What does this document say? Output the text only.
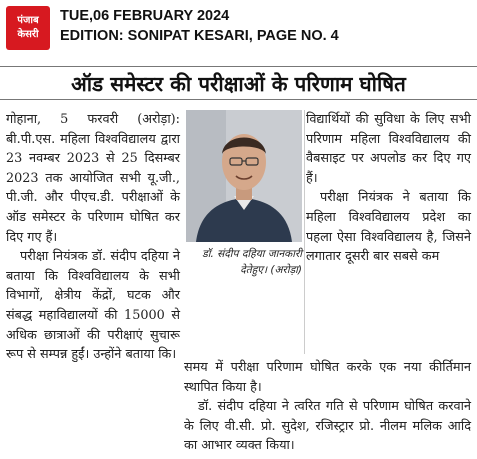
पंजाब
केसरी
TUE,06 FEBRUARY 2024
EDITION: SONIPAT KESARI, PAGE NO. 4
ऑड समेस्टर की परीक्षाओं के परिणाम घोषित

गोहाना, 5 फरवरी (अरोड़ा): बी.पी.एस. महिला विश्वविद्यालय द्वारा 23 नवम्बर 2023 से 25 दिसम्बर 2023 तक आयोजित सभी यू.जी., पी.जी. और पीएच.डी. परीक्षाओं के ऑड समेस्टर के परिणाम घोषित कर दिए गए हैं।

परीक्षा नियंत्रक डॉ. संदीप दहिया ने बताया कि विश्वविद्यालय के सभी विभागों, क्षेत्रीय केंद्रों, घटक और संबद्ध महाविद्यालयों की 15000 से अधिक छात्राओं की परीक्षाएं सुचारू रूप से सम्पन्न हुईं। उन्होंने बताया कि।

डॉ. संदीप दहिया जानकारी देतेहुए। (अरोड़ा)

विद्यार्थियों की सुविधा के लिए सभी परिणाम महिला विश्वविद्यालय की वैबसाइट पर अपलोड कर दिए गए हैं।

परीक्षा नियंत्रक ने बताया कि महिला विश्वविद्यालय प्रदेश का पहला ऐसा विश्वविद्यालय है, जिसने लगातार दूसरी बार सबसे कम

समय में परीक्षा परिणाम घोषित करके एक नया कीर्तिमान स्थापित किया है।

डॉ. संदीप दहिया ने त्वरित गति से परिणाम घोषित करवाने के लिए वी.सी. प्रो. सुदेश, रजिस्ट्रार प्रो. नीलम मलिक आदि का आभार व्यक्त किया।
